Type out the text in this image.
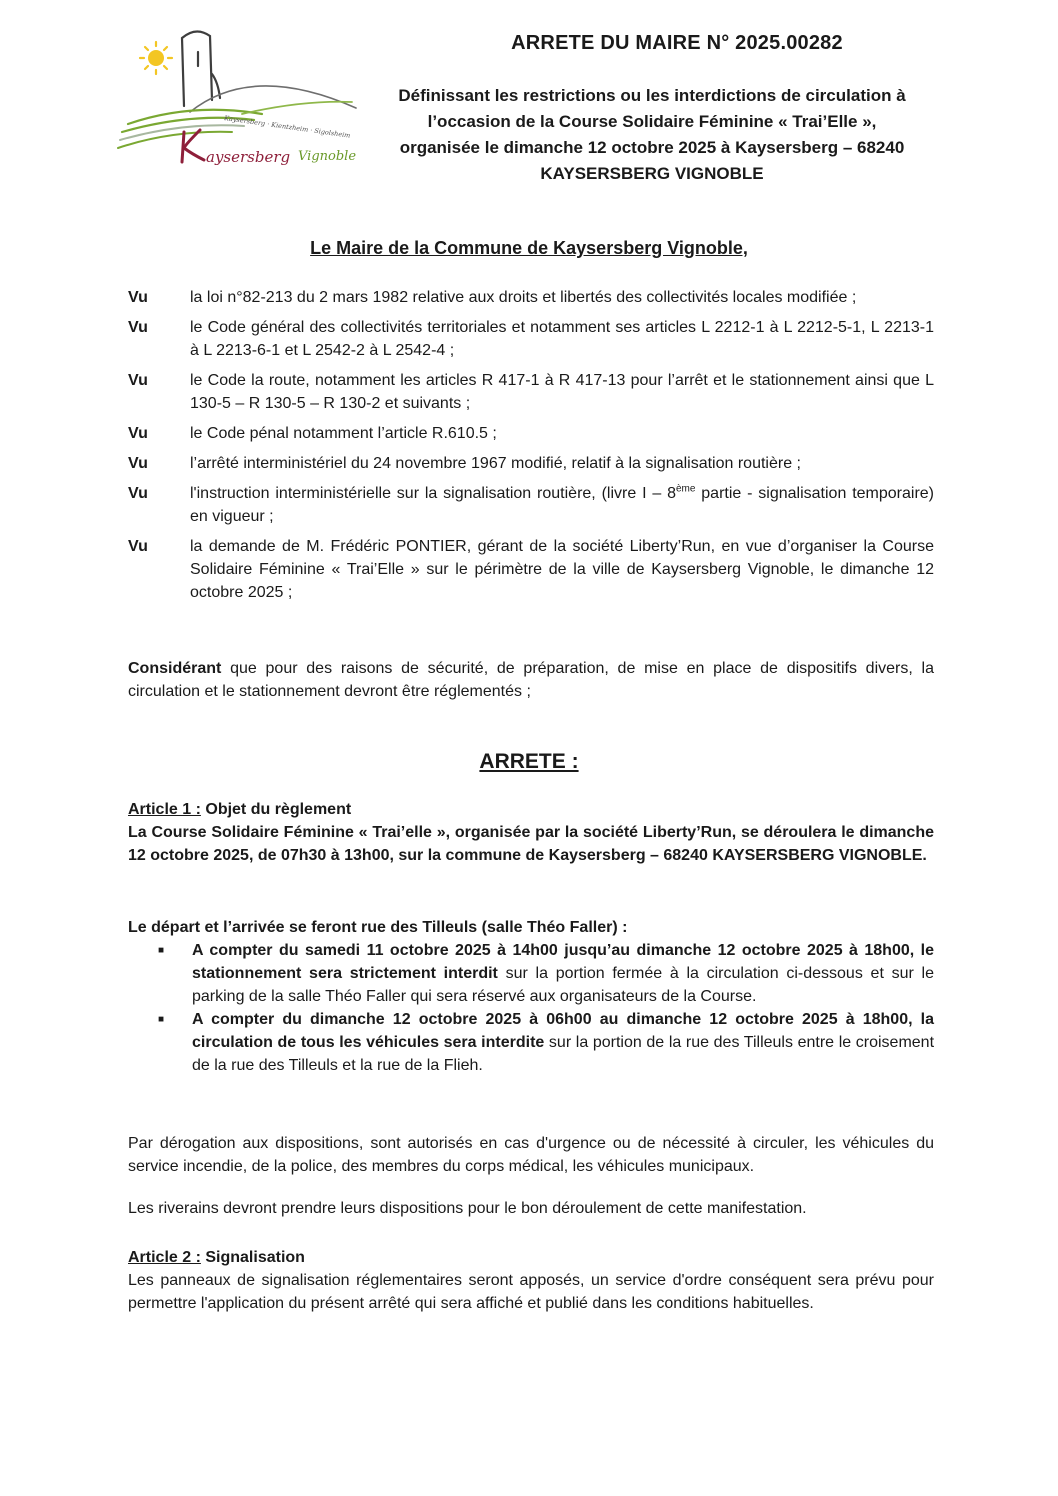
Kaysersberg · Kientzheim · Sigolsheim
aysersberg Vignoble
ARRETE DU MAIRE N° 2025.00282
Définissant les restrictions ou les interdictions de circulation à
l’occasion de la Course Solidaire Féminine « Trai’Elle »,
organisée le dimanche 12 octobre 2025 à Kaysersberg – 68240
KAYSERSBERG VIGNOBLE
Le Maire de la Commune de Kaysersberg Vignoble,
Vu	la loi n°82-213 du 2 mars 1982 relative aux droits et libertés des collectivités locales modifiée ;
Vu	le Code général des collectivités territoriales et notamment ses articles L 2212-1 à L 2212-5-1, L 2213-1 à L 2213-6-1 et L 2542-2 à L 2542-4 ;
Vu	le Code la route, notamment les articles R 417-1 à R 417-13 pour l’arrêt et le stationnement ainsi que L 130-5 – R 130-5 – R 130-2 et suivants ;
Vu	le Code pénal notamment l’article R.610.5 ;
Vu	l’arrêté interministériel du 24 novembre 1967 modifié, relatif à la signalisation routière ;
Vu	l'instruction interministérielle sur la signalisation routière, (livre I – 8ème partie - signalisation temporaire) en vigueur ;
Vu	la demande de M. Frédéric PONTIER, gérant de la société Liberty’Run, en vue d’organiser la Course Solidaire Féminine « Trai’Elle » sur le périmètre de la ville de Kaysersberg Vignoble, le dimanche 12 octobre 2025 ;
Considérant que pour des raisons de sécurité, de préparation, de mise en place de dispositifs divers, la circulation et le stationnement devront être réglementés ;
ARRETE :
Article 1 : Objet du règlement
La Course Solidaire Féminine « Trai’elle », organisée par la société Liberty’Run, se déroulera le dimanche 12 octobre 2025, de 07h30 à 13h00, sur la commune de Kaysersberg – 68240 KAYSERSBERG VIGNOBLE.
Le départ et l’arrivée se feront rue des Tilleuls (salle Théo Faller) :
■	A compter du samedi 11 octobre 2025 à 14h00 jusqu’au dimanche 12 octobre 2025 à 18h00, le stationnement sera strictement interdit sur la portion fermée à la circulation ci-dessous et sur le parking de la salle Théo Faller qui sera réservé aux organisateurs de la Course.
■	A compter du dimanche 12 octobre 2025 à 06h00 au dimanche 12 octobre 2025 à 18h00, la circulation de tous les véhicules sera interdite sur la portion de la rue des Tilleuls entre le croisement de la rue des Tilleuls et la rue de la Flieh.
Par dérogation aux dispositions, sont autorisés en cas d'urgence ou de nécessité à circuler, les véhicules du service incendie, de la police, des membres du corps médical, les véhicules municipaux.
Les riverains devront prendre leurs dispositions pour le bon déroulement de cette manifestation.
Article 2 : Signalisation
Les panneaux de signalisation réglementaires seront apposés, un service d'ordre conséquent sera prévu pour permettre l'application du présent arrêté qui sera affiché et publié dans les conditions habituelles.
